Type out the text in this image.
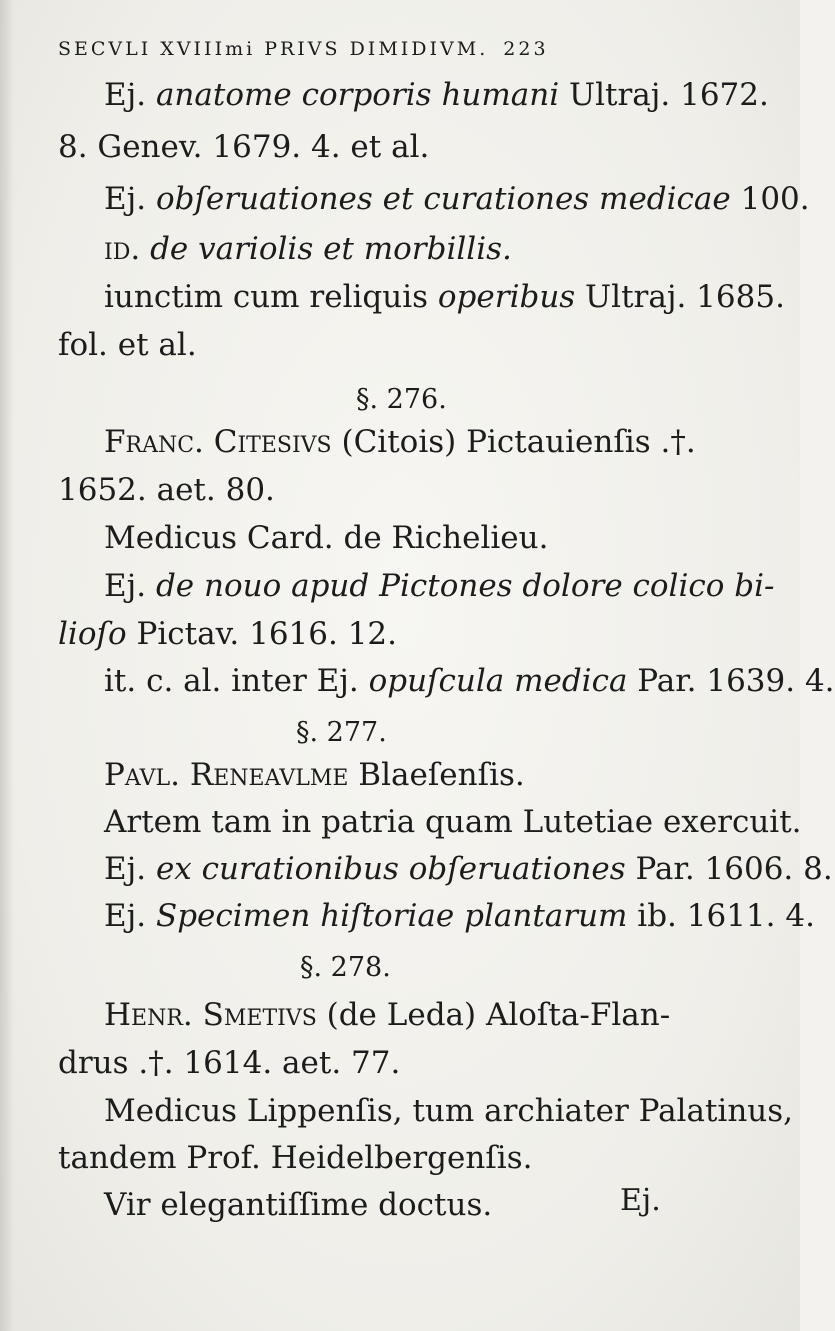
SECVLI XVIIImi PRIVS DIMIDIVM. 223
Ej. anatome corporis humani Ultraj. 1672.
8. Genev. 1679. 4. et al.
Ej. obſeruationes et curationes medicae 100.
id. de variolis et morbillis.
iunctim cum reliquis operibus Ultraj. 1685.
fol. et al.
§. 276.
Franc. Citesivs (Citois) Pictauienſis .†.
1652. aet. 80.
Medicus Card. de Richelieu.
Ej. de nouo apud Pictones dolore colico bi-
lioſo Pictav. 1616. 12.
it. c. al. inter Ej. opuſcula medica Par. 1639. 4.
§. 277.
Pavl. Reneavlme Blaeſenſis.
Artem tam in patria quam Lutetiae exercuit.
Ej. ex curationibus obſeruationes Par. 1606. 8.
Ej. Specimen hiſtoriae plantarum ib. 1611. 4.
§. 278.
Henr. Smetivs (de Leda) Aloſta-Flan-
drus .†. 1614. aet. 77.
Medicus Lippenſis, tum archiater Palatinus,
tandem Prof. Heidelbergenſis.
Vir elegantiſſime doctus.	Ej.
